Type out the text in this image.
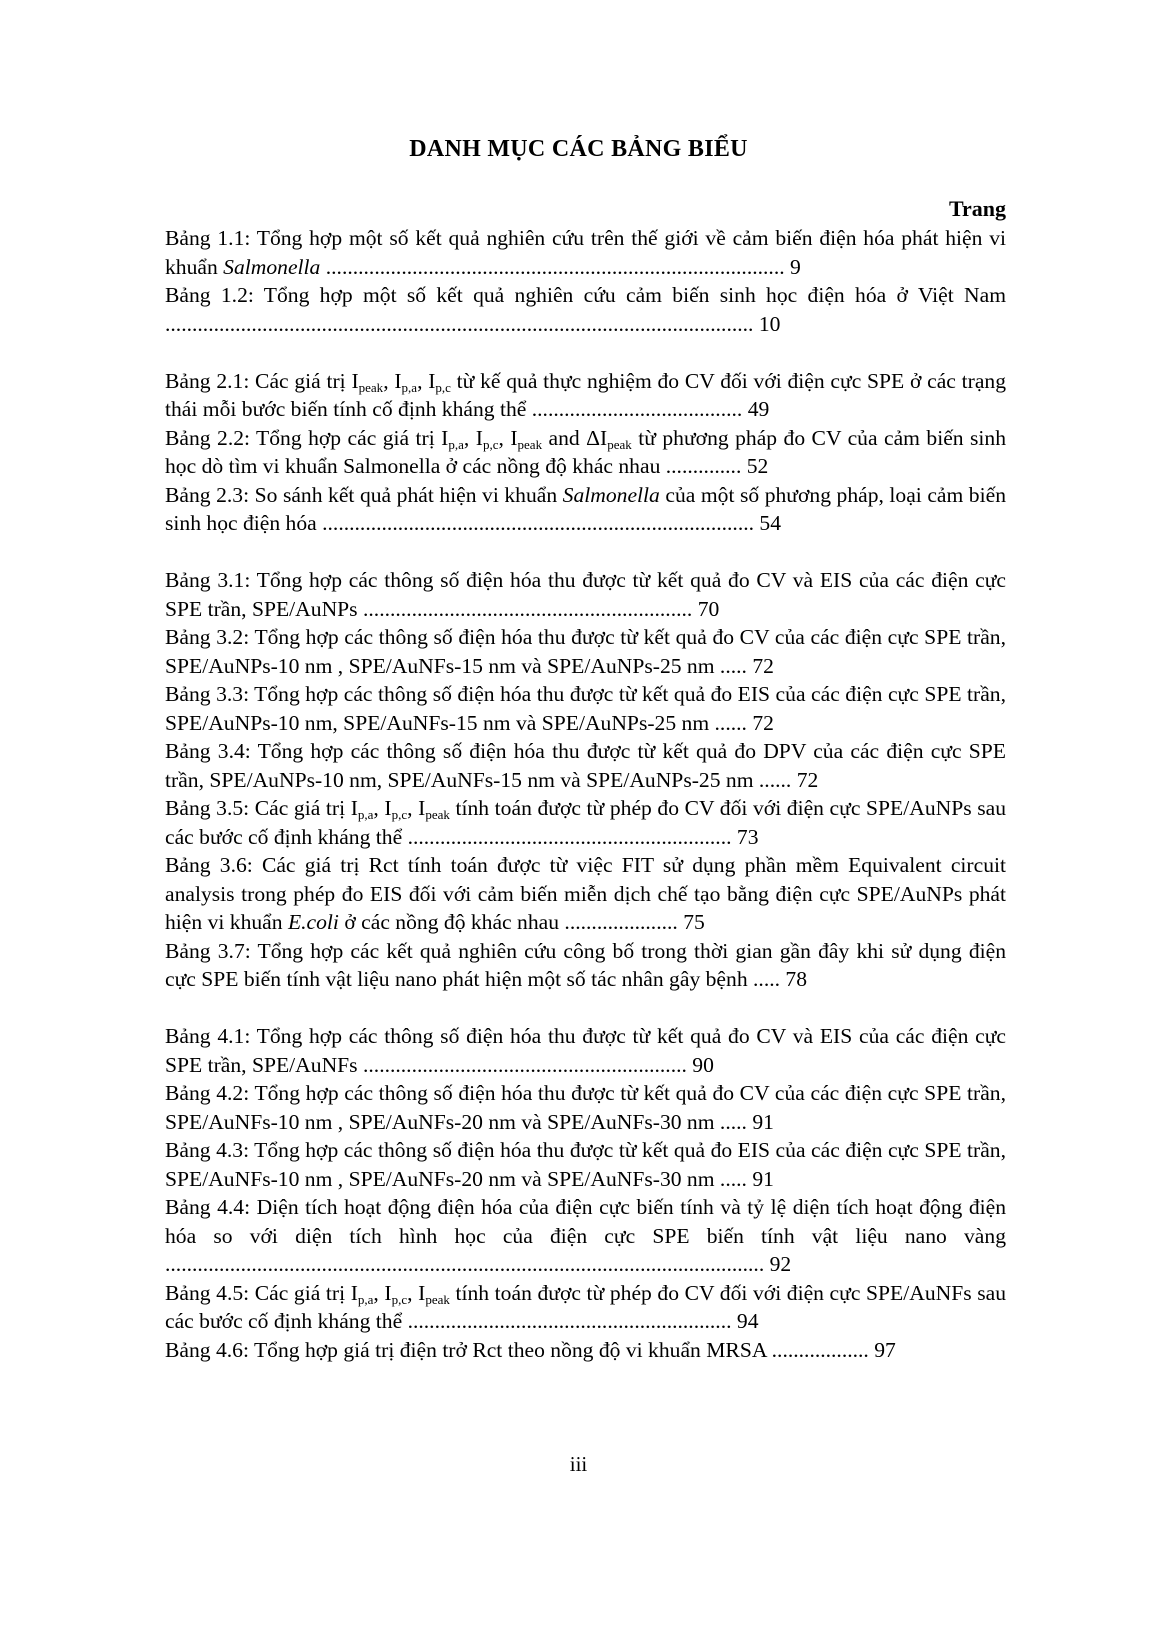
DANH MỤC CÁC BẢNG BIỂU
Trang
Bảng 1.1: Tổng hợp một số kết quả nghiên cứu trên thế giới về cảm biến điện hóa phát hiện vi khuẩn Salmonella ..................................................................................... 9
Bảng 1.2: Tổng hợp một số kết quả nghiên cứu cảm biến sinh học điện hóa ở Việt Nam ............................................................................................................. 10
Bảng 2.1: Các giá trị $I_{peak}$, $I_{p,a}$, $I_{p,c}$ từ kế quả thực nghiệm đo CV đối với điện cực SPE ở các trạng thái mỗi bước biến tính cố định kháng thể ....................................... 49
Bảng 2.2: Tổng hợp các giá trị $I_{p,a}$, $I_{p,c}$, $I_{peak}$ and $\Delta I_{peak}$ từ phương pháp đo CV của cảm biến sinh học dò tìm vi khuẩn Salmonella ở các nồng độ khác nhau .............. 52
Bảng 2.3: So sánh kết quả phát hiện vi khuẩn Salmonella của một số phương pháp, loại cảm biến sinh học điện hóa ................................................................................ 54
Bảng 3.1: Tổng hợp các thông số điện hóa thu được từ kết quả đo CV và EIS của các điện cực SPE trần, SPE/AuNPs ............................................................. 70
Bảng 3.2: Tổng hợp các thông số điện hóa thu được từ kết quả đo CV của các điện cực SPE trần, SPE/AuNPs-10 nm , SPE/AuNFs-15 nm và SPE/AuNPs-25 nm ..... 72
Bảng 3.3: Tổng hợp các thông số điện hóa thu được từ kết quả đo EIS của các điện cực SPE trần, SPE/AuNPs-10 nm, SPE/AuNFs-15 nm và SPE/AuNPs-25 nm ...... 72
Bảng 3.4: Tổng hợp các thông số điện hóa thu được từ kết quả đo DPV của các điện cực SPE trần, SPE/AuNPs-10 nm, SPE/AuNFs-15 nm và SPE/AuNPs-25 nm ...... 72
Bảng 3.5: Các giá trị $I_{p,a}$, $I_{p,c}$, $I_{peak}$ tính toán được từ phép đo CV đối với điện cực SPE/AuNPs sau các bước cố định kháng thể ............................................................ 73
Bảng 3.6: Các giá trị Rct tính toán được từ việc FIT sử dụng phần mềm Equivalent circuit analysis trong phép đo EIS đối với cảm biến miễn dịch chế tạo bằng điện cực SPE/AuNPs phát hiện vi khuẩn E.coli ở các nồng độ khác nhau ..................... 75
Bảng 3.7: Tổng hợp các kết quả nghiên cứu công bố trong thời gian gần đây khi sử dụng điện cực SPE biến tính vật liệu nano phát hiện một số tác nhân gây bệnh ..... 78
Bảng 4.1: Tổng hợp các thông số điện hóa thu được từ kết quả đo CV và EIS của các điện cực SPE trần, SPE/AuNFs ............................................................ 90
Bảng 4.2: Tổng hợp các thông số điện hóa thu được từ kết quả đo CV của các điện cực SPE trần, SPE/AuNFs-10 nm , SPE/AuNFs-20 nm và SPE/AuNFs-30 nm ..... 91
Bảng 4.3: Tổng hợp các thông số điện hóa thu được từ kết quả đo EIS của các điện cực SPE trần, SPE/AuNFs-10 nm , SPE/AuNFs-20 nm và SPE/AuNFs-30 nm ..... 91
Bảng 4.4: Diện tích hoạt động điện hóa của điện cực biến tính và tỷ lệ diện tích hoạt động điện hóa so với diện tích hình học của điện cực SPE biến tính vật liệu nano vàng ............................................................................................................... 92
Bảng 4.5: Các giá trị $I_{p,a}$, $I_{p,c}$, $I_{peak}$ tính toán được từ phép đo CV đối với điện cực SPE/AuNFs sau các bước cố định kháng thể ............................................................ 94
Bảng 4.6: Tổng hợp giá trị điện trở Rct theo nồng độ vi khuẩn MRSA .................. 97
iii
